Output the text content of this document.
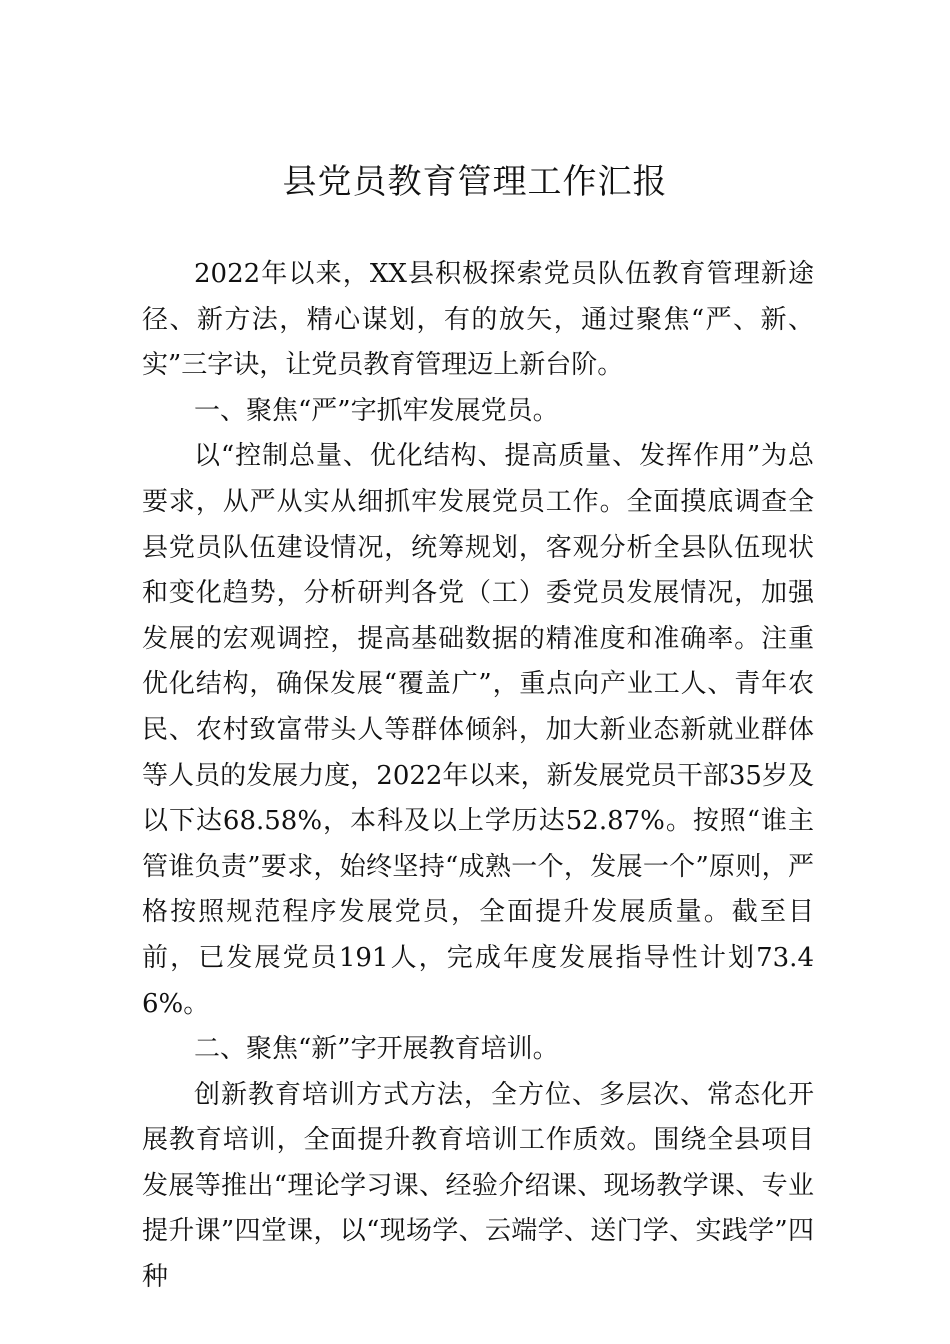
县党员教育管理工作汇报

2022年以来，XX县积极探索党员队伍教育管理新途径、新方法，精心谋划，有的放矢，通过聚焦“严、新、实”三字诀，让党员教育管理迈上新台阶。

一、聚焦“严”字抓牢发展党员。

以“控制总量、优化结构、提高质量、发挥作用”为总要求，从严从实从细抓牢发展党员工作。全面摸底调查全县党员队伍建设情况，统筹规划，客观分析全县队伍现状和变化趋势，分析研判各党（工）委党员发展情况，加强发展的宏观调控，提高基础数据的精准度和准确率。注重优化结构，确保发展“覆盖广”，重点向产业工人、青年农民、农村致富带头人等群体倾斜，加大新业态新就业群体等人员的发展力度，2022年以来，新发展党员干部35岁及以下达68.58%，本科及以上学历达52.87%。按照“谁主管谁负责”要求，始终坚持“成熟一个，发展一个”原则，严格按照规范程序发展党员，全面提升发展质量。截至目前，已发展党员191人，完成年度发展指导性计划73.46%。

二、聚焦“新”字开展教育培训。

创新教育培训方式方法，全方位、多层次、常态化开展教育培训，全面提升教育培训工作质效。围绕全县项目发展等推出“理论学习课、经验介绍课、现场教学课、专业提升课”四堂课，以“现场学、云端学、送门学、实践学”四种
